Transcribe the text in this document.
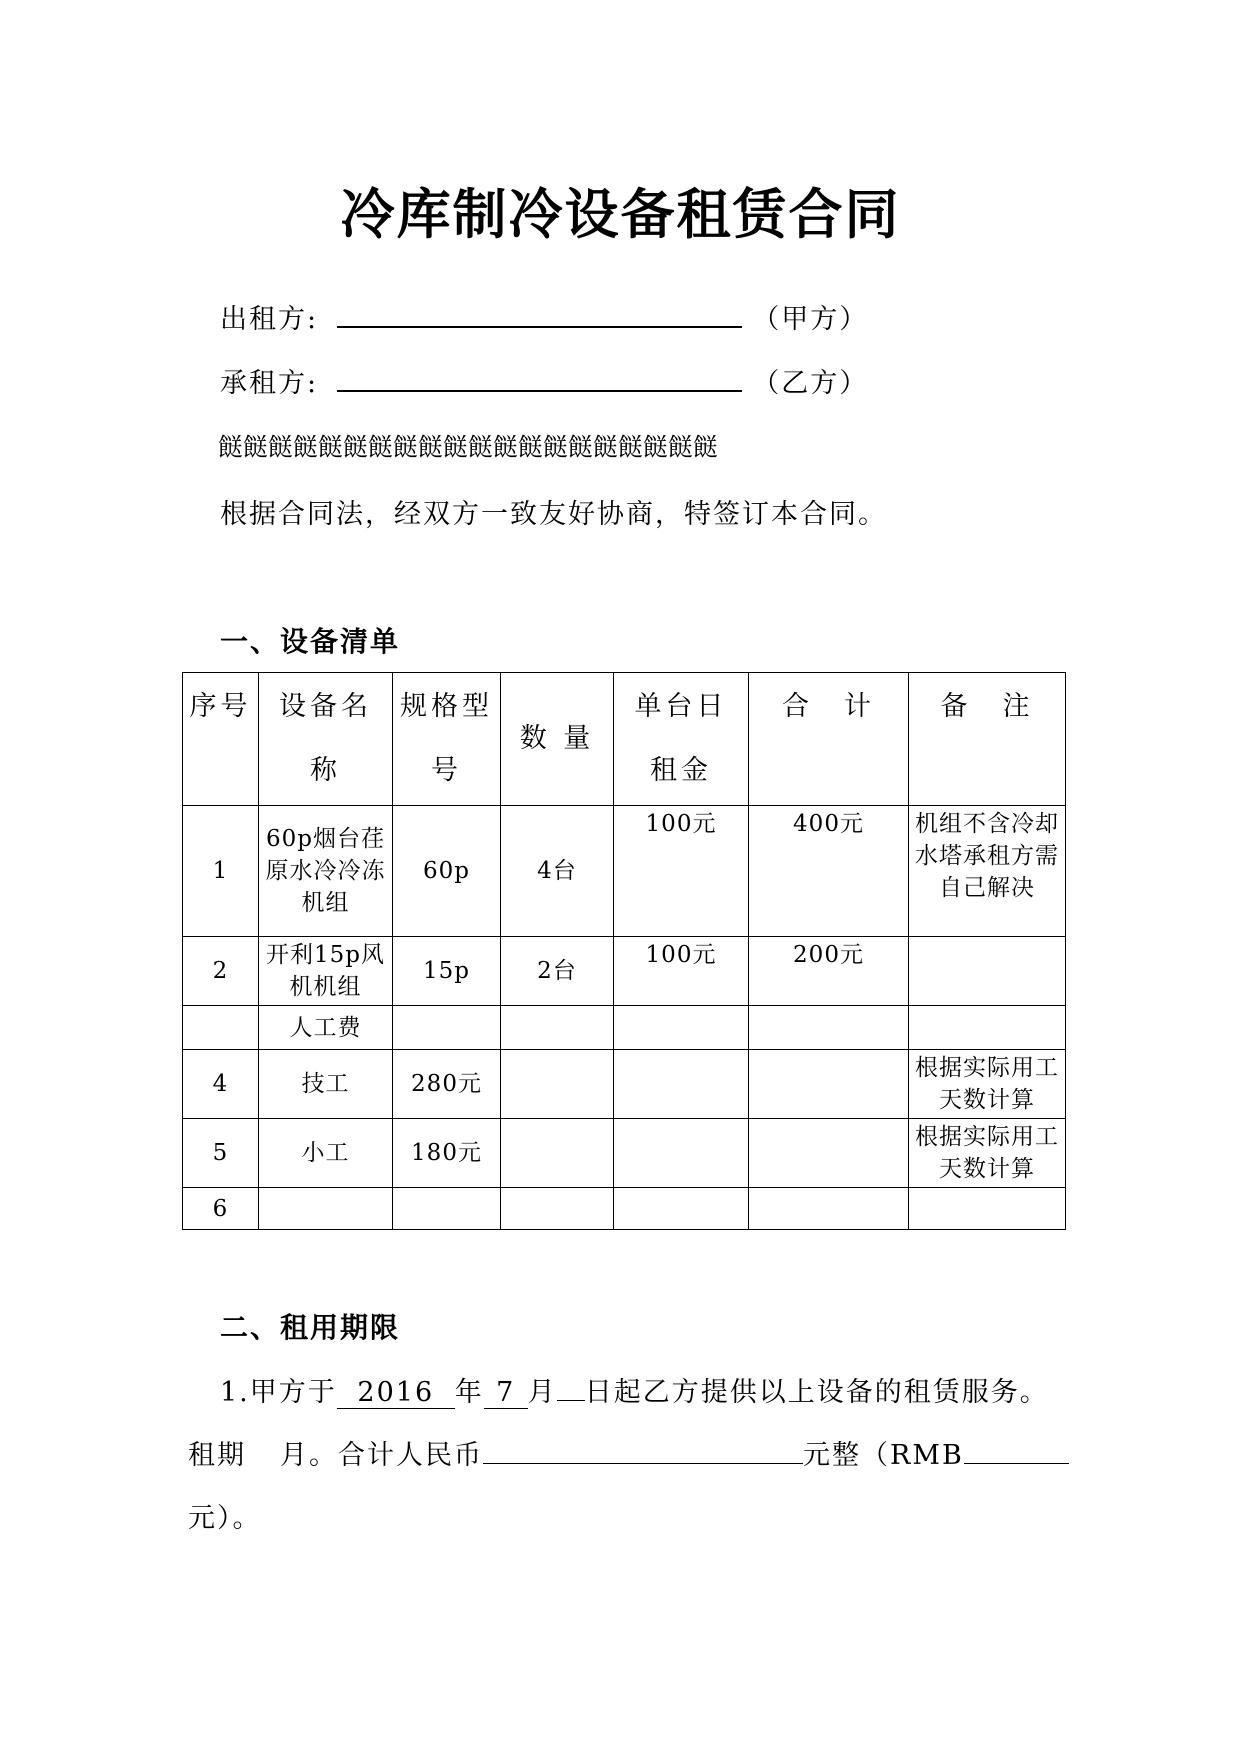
冷库制冷设备租赁合同
出租方:	（甲方）
承租方:	（乙方）
餸餸餸餸餸餸餸餸餸餸餸餸餸餸餸餸餸餸餸餸
根据合同法，经双方一致友好协商，特签订本合同。
一、设备清单
序号	设备名称	规格型号	数 量	单台日租金	合　计	备　注
1	60p烟台荏原水冷冷冻机组	60p	4台	100元	400元	机组不含冷却水塔承租方需自己解决
2	开利15p风机机组	15p	2台	100元	200元	
	人工费					
4	技工	280元				根据实际用工天数计算
5	小工	180元				根据实际用工天数计算
6						
二、租用期限
1.甲方于 2016 年 7 月 日起乙方提供以上设备的租赁服务。
租期 月。合计人民币	元整（RMB
元）。
